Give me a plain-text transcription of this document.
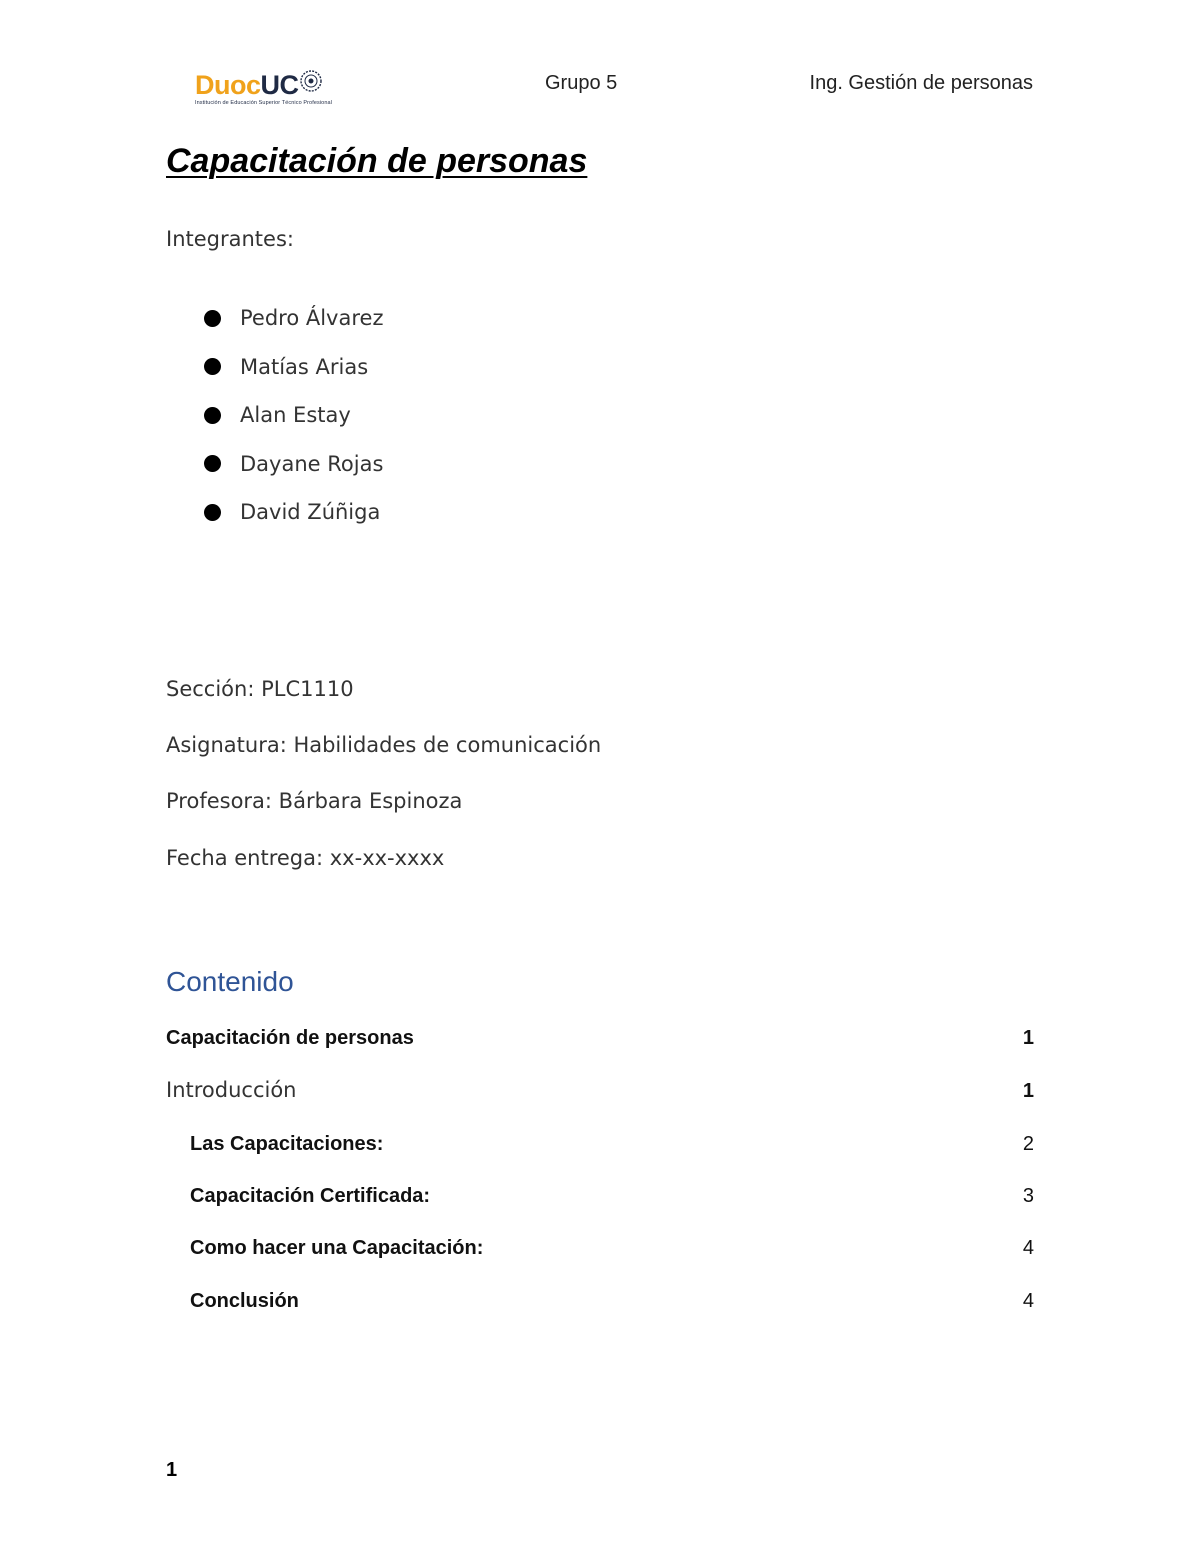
DuocUC
Institución de Educación Superior Técnico Profesional
Grupo 5	Ing. Gestión de personas
Capacitación de personas
Integrantes:
Pedro Álvarez
Matías Arias
Alan Estay
Dayane Rojas
David Zúñiga
Sección: PLC1110
Asignatura: Habilidades de comunicación
Profesora: Bárbara Espinoza
Fecha entrega: xx-xx-xxxx
Contenido
Capacitación de personas	1
Introducción	1
Las Capacitaciones:	2
Capacitación Certificada:	3
Como hacer una Capacitación:	4
Conclusión	4
1
